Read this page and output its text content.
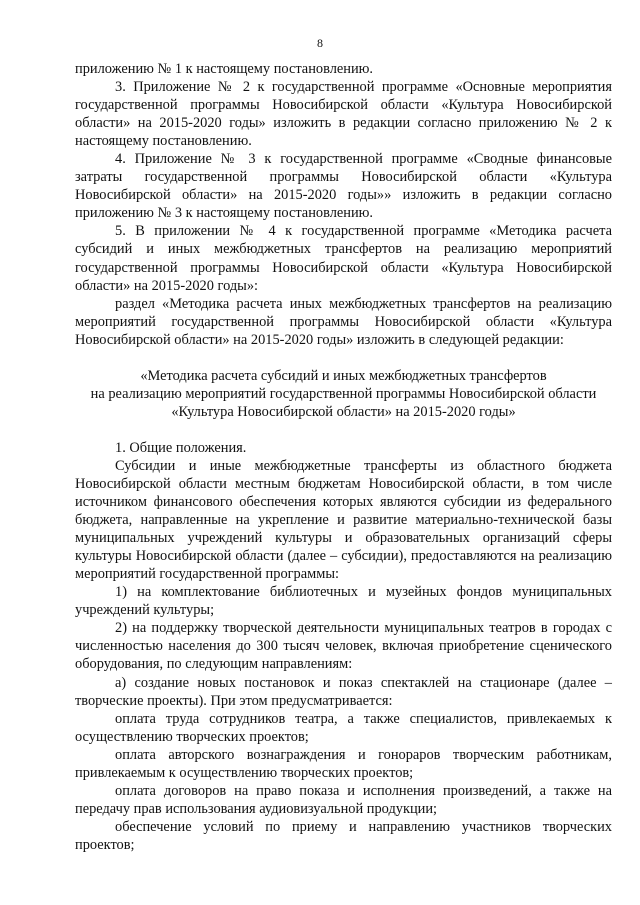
8

приложению № 1 к настоящему постановлению.

3. Приложение № 2 к государственной программе «Основные мероприятия государственной программы Новосибирской области «Культура Новосибирской области» на 2015-2020 годы» изложить в редакции согласно приложению № 2 к настоящему постановлению.

4. Приложение № 3 к государственной программе «Сводные финансовые затраты государственной программы Новосибирской области «Культура Новосибирской области» на 2015-2020 годы»» изложить в редакции согласно приложению № 3 к настоящему постановлению.

5. В приложении № 4 к государственной программе «Методика расчета субсидий и иных межбюджетных трансфертов на реализацию мероприятий государственной программы Новосибирской области «Культура Новосибирской области» на 2015-2020 годы»:

раздел «Методика расчета иных межбюджетных трансфертов на реализацию мероприятий государственной программы Новосибирской области «Культура Новосибирской области» на 2015-2020 годы» изложить в следующей редакции:

«Методика расчета субсидий и иных межбюджетных трансфертов
на реализацию мероприятий государственной программы Новосибирской области
«Культура Новосибирской области» на 2015-2020 годы»

1. Общие положения.

Субсидии и иные межбюджетные трансферты из областного бюджета Новосибирской области местным бюджетам Новосибирской области, в том числе источником финансового обеспечения которых являются субсидии из федерального бюджета, направленные на укрепление и развитие материально-технической базы муниципальных учреждений культуры и образовательных организаций сферы культуры Новосибирской области (далее – субсидии), предоставляются на реализацию мероприятий государственной программы:

1) на комплектование библиотечных и музейных фондов муниципальных учреждений культуры;

2) на поддержку творческой деятельности муниципальных театров в городах с численностью населения до 300 тысяч человек, включая приобретение сценического оборудования, по следующим направлениям:

а) создание новых постановок и показ спектаклей на стационаре (далее – творческие проекты). При этом предусматривается:

оплата труда сотрудников театра, а также специалистов, привлекаемых к осуществлению творческих проектов;

оплата авторского вознаграждения и гонораров творческим работникам, привлекаемым к осуществлению творческих проектов;

оплата договоров на право показа и исполнения произведений, а также на передачу прав использования аудиовизуальной продукции;

обеспечение условий по приему и направлению участников творческих проектов;
